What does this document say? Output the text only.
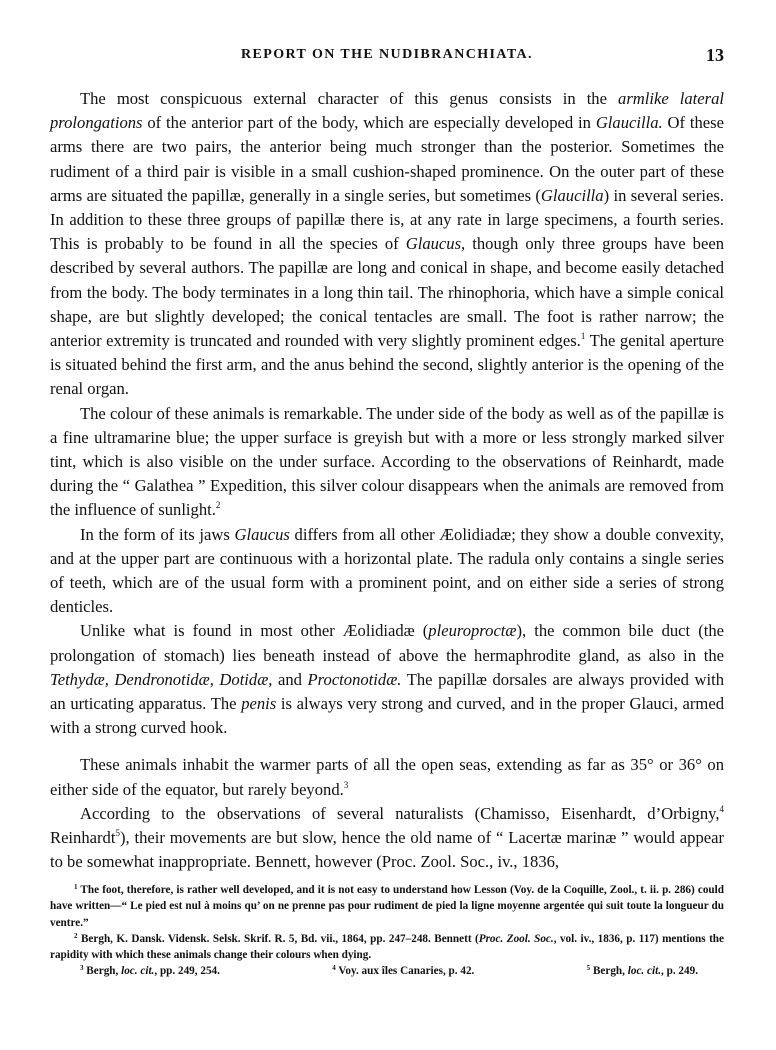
REPORT ON THE NUDIBRANCHIATA.	13

The most conspicuous external character of this genus consists in the armlike lateral prolongations of the anterior part of the body, which are especially developed in Glaucilla. Of these arms there are two pairs, the anterior being much stronger than the posterior. Sometimes the rudiment of a third pair is visible in a small cushion-shaped prominence. On the outer part of these arms are situated the papillæ, generally in a single series, but sometimes (Glaucilla) in several series. In addition to these three groups of papillæ there is, at any rate in large specimens, a fourth series. This is probably to be found in all the species of Glaucus, though only three groups have been described by several authors. The papillæ are long and conical in shape, and become easily detached from the body. The body terminates in a long thin tail. The rhinophoria, which have a simple conical shape, are but slightly developed; the conical tentacles are small. The foot is rather narrow; the anterior extremity is truncated and rounded with very slightly prominent edges.$^1$ The genital aperture is situated behind the first arm, and the anus behind the second, slightly anterior is the opening of the renal organ.

The colour of these animals is remarkable. The under side of the body as well as of the papillæ is a fine ultramarine blue; the upper surface is greyish but with a more or less strongly marked silver tint, which is also visible on the under surface. According to the observations of Reinhardt, made during the “ Galathea ” Expedition, this silver colour disappears when the animals are removed from the influence of sunlight.$^2$

In the form of its jaws Glaucus differs from all other Æolidiadæ; they show a double convexity, and at the upper part are continuous with a horizontal plate. The radula only contains a single series of teeth, which are of the usual form with a prominent point, and on either side a series of strong denticles.

Unlike what is found in most other Æolidiadæ (pleuroproctæ), the common bile duct (the prolongation of stomach) lies beneath instead of above the hermaphrodite gland, as also in the Tethydæ, Dendronotidæ, Dotidæ, and Proctonotidæ. The papillæ dorsales are always provided with an urticating apparatus. The penis is always very strong and curved, and in the proper Glauci, armed with a strong curved hook.

These animals inhabit the warmer parts of all the open seas, extending as far as 35° or 36° on either side of the equator, but rarely beyond.$^3$

According to the observations of several naturalists (Chamisso, Eisenhardt, d’Orbigny,$^4$ Reinhardt$^5$), their movements are but slow, hence the old name of “ Lacertæ marinæ ” would appear to be somewhat inappropriate. Bennett, however (Proc. Zool. Soc., iv., 1836,

$^1$ The foot, therefore, is rather well developed, and it is not easy to understand how Lesson (Voy. de la Coquille, Zool., t. ii. p. 286) could have written—“ Le pied est nul à moins qu’ on ne prenne pas pour rudiment de pied la ligne moyenne argentée qui suit toute la longueur du ventre.”

$^2$ Bergh, K. Dansk. Vidensk. Selsk. Skrif. R. 5, Bd. vii., 1864, pp. 247–248. Bennett (Proc. Zool. Soc., vol. iv., 1836, p. 117) mentions the rapidity with which these animals change their colours when dying.

$^3$ Bergh, loc. cit., pp. 249, 254.	$^4$ Voy. aux îles Canaries, p. 42.	$^5$ Bergh, loc. cit., p. 249.
